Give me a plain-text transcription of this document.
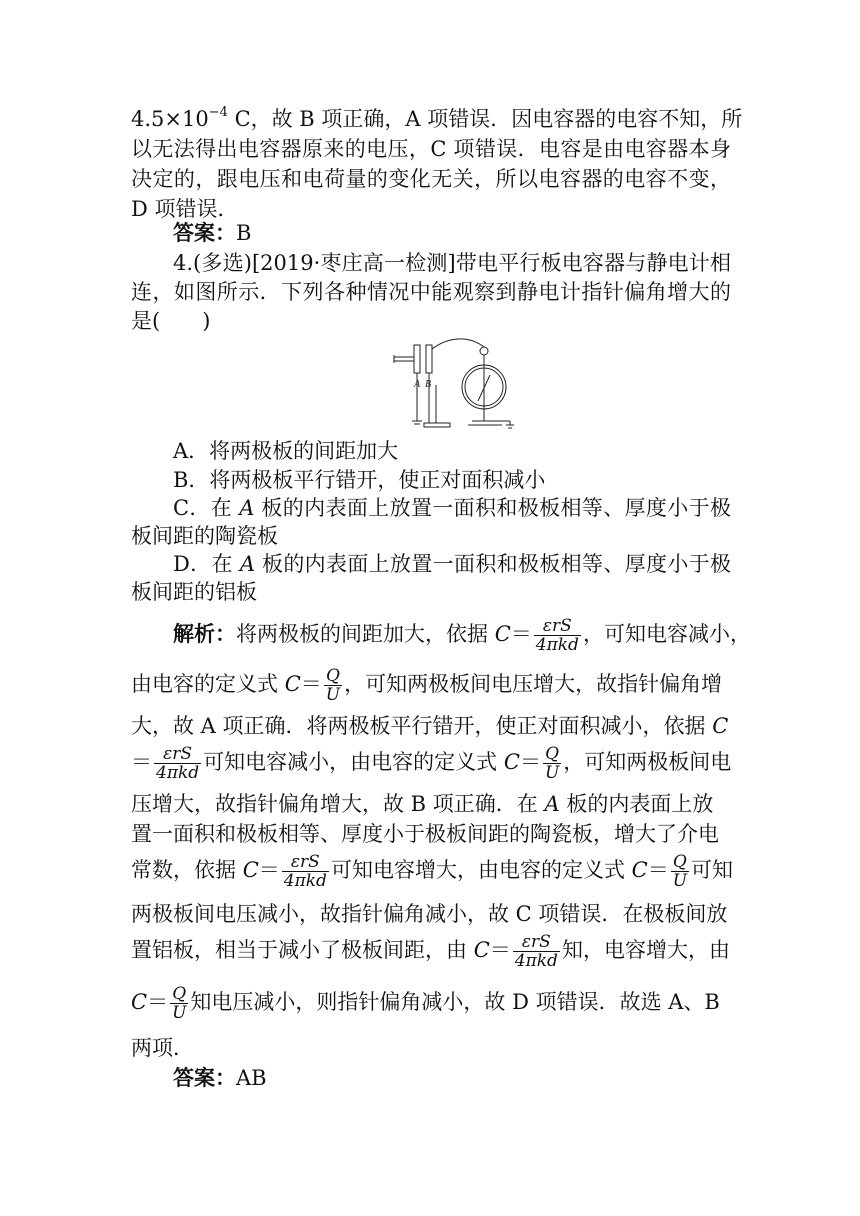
$4.5\times 10^{-4}$ C，故 B 项正确，A 项错误．因电容器的电容不知，所
以无法得出电容器原来的电压，C 项错误．电容是由电容器本身
决定的，跟电压和电荷量的变化无关，所以电容器的电容不变，
D 项错误．
答案：B
4.(多选)[2019·枣庄高一检测]带电平行板电容器与静电计相
连，如图所示．下列各种情况中能观察到静电计指针偏角增大的
是(　　)
A B
A．将两极板的间距加大
B．将两极板平行错开，使正对面积减小
C．在 A 板的内表面上放置一面积和极板相等、厚度小于极
板间距的陶瓷板
D．在 A 板的内表面上放置一面积和极板相等、厚度小于极
板间距的铝板
解析：将两极板的间距加大，依据 $C= \frac{\text{εrS}}{\text{4πkd}}$ ，可知电容减小，
由电容的定义式 $C= \frac{Q}{U}$ ，可知两极板间电压增大，故指针偏角增
大，故 A 项正确．将两极板平行错开，使正对面积减小，依据 C
＝ $\frac{\text{εrS}}{\text{4πkd}}$ 可知电容减小，由电容的定义式 $C= \frac{Q}{U}$ ，可知两极板间电
压增大，故指针偏角增大，故 B 项正确．在 A 板的内表面上放
置一面积和极板相等、厚度小于极板间距的陶瓷板，增大了介电
常数，依据 $C= \frac{\text{εrS}}{\text{4πkd}}$ 可知电容增大，由电容的定义式 $C= \frac{Q}{U}$ 可知
两极板间电压减小，故指针偏角减小，故 C 项错误．在极板间放
置铝板，相当于减小了极板间距，由 $C= \frac{\text{εrS}}{\text{4πkd}}$ 知，电容增大，由
$C= \frac{Q}{U}$ 知电压减小，则指针偏角减小，故 D 项错误．故选 A、B
两项．
答案：AB
